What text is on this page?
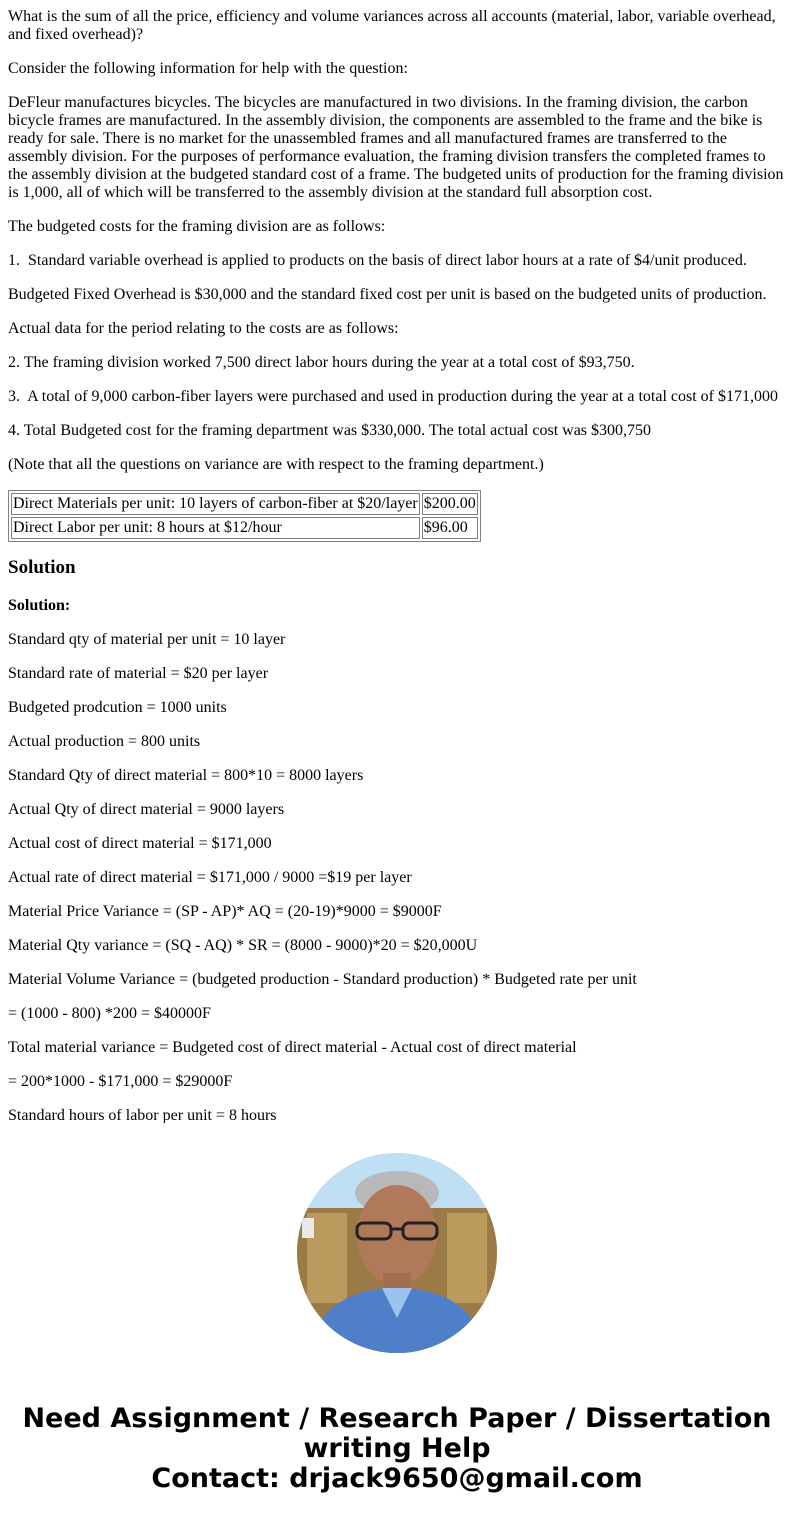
What is the sum of all the price, efficiency and volume variances across all accounts (material, labor, variable overhead, and fixed overhead)?

Consider the following information for help with the question:

DeFleur manufactures bicycles. The bicycles are manufactured in two divisions. In the framing division, the carbon bicycle frames are manufactured. In the assembly division, the components are assembled to the frame and the bike is ready for sale. There is no market for the unassembled frames and all manufactured frames are transferred to the assembly division. For the purposes of performance evaluation, the framing division transfers the completed frames to the assembly division at the budgeted standard cost of a frame. The budgeted units of production for the framing division is 1,000, all of which will be transferred to the assembly division at the standard full absorption cost.

The budgeted costs for the framing division are as follows:

1.  Standard variable overhead is applied to products on the basis of direct labor hours at a rate of $4/unit produced.

Budgeted Fixed Overhead is $30,000 and the standard fixed cost per unit is based on the budgeted units of production.

Actual data for the period relating to the costs are as follows:

2. The framing division worked 7,500 direct labor hours during the year at a total cost of $93,750.

3.  A total of 9,000 carbon-fiber layers were purchased and used in production during the year at a total cost of $171,000

4. Total Budgeted cost for the framing department was $330,000. The total actual cost was $300,750

(Note that all the questions on variance are with respect to the framing department.)

Direct Materials per unit: 10 layers of carbon-fiber at $20/layer	$200.00
Direct Labor per unit: 8 hours at $12/hour	$96.00
Solution

Solution:

Standard qty of material per unit = 10 layer

Standard rate of material = $20 per layer

Budgeted prodcution = 1000 units

Actual production = 800 units

Standard Qty of direct material = 800*10 = 8000 layers

Actual Qty of direct material = 9000 layers

Actual cost of direct material = $171,000

Actual rate of direct material = $171,000 / 9000 =$19 per layer

Material Price Variance = (SP - AP)* AQ = (20-19)*9000 = $9000F

Material Qty variance = (SQ - AQ) * SR = (8000 - 9000)*20 = $20,000U

Material Volume Variance = (budgeted production - Standard production) * Budgeted rate per unit

= (1000 - 800) *200 = $40000F

Total material variance = Budgeted cost of direct material - Actual cost of direct material

= 200*1000 - $171,000 = $29000F

Standard hours of labor per unit = 8 hours

Need Assignment / Research Paper / Dissertation
writing Help
Contact: drjack9650@gmail.com
